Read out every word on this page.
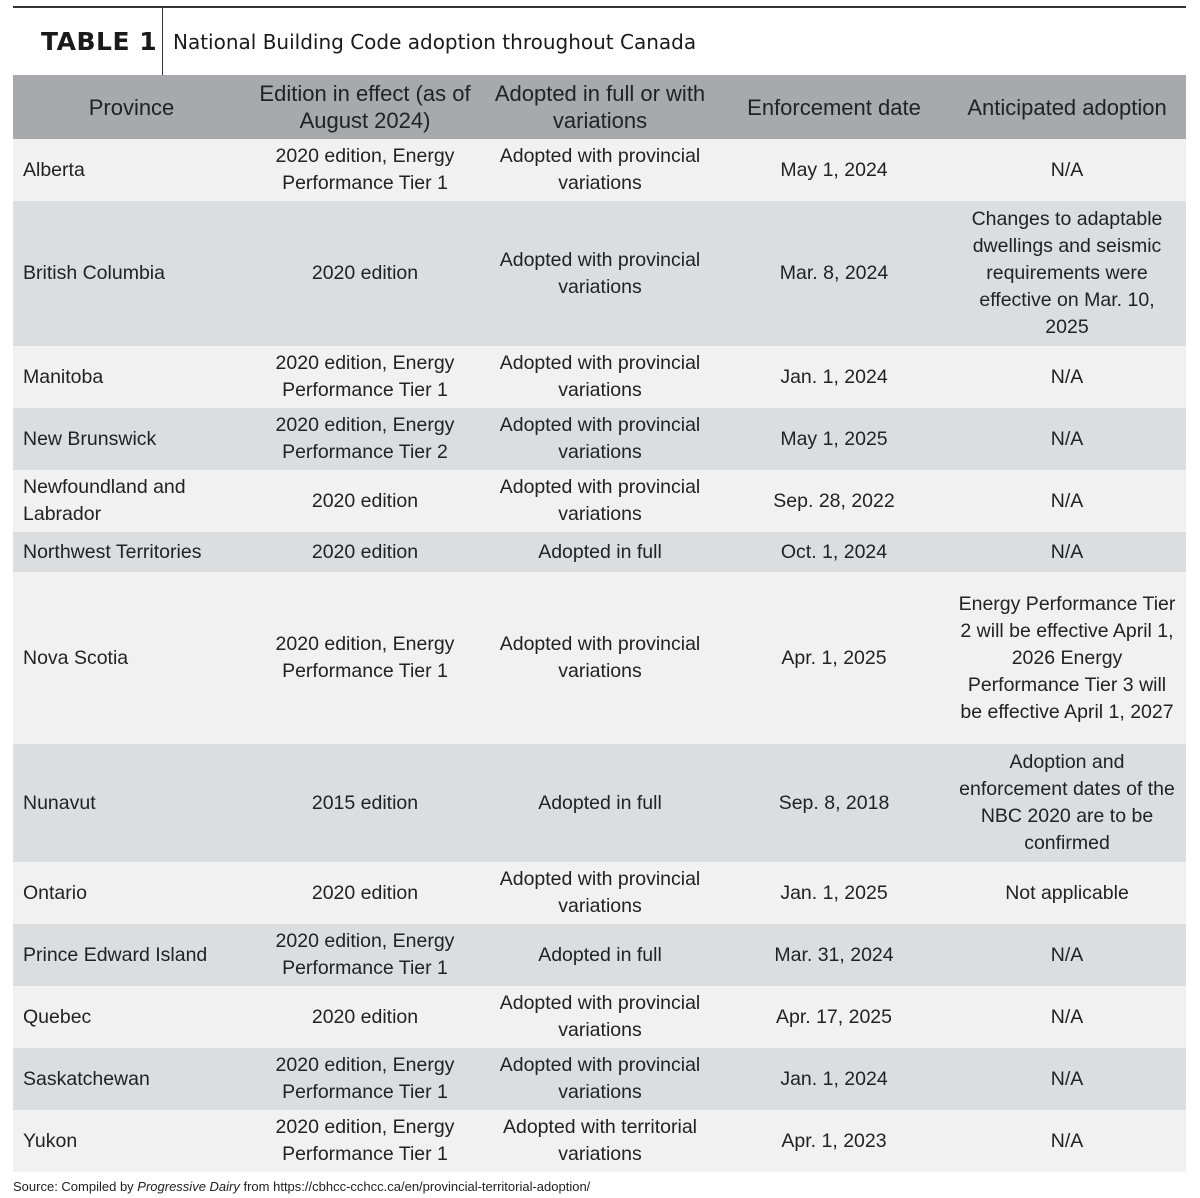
TABLE 1 National Building Code adoption throughout Canada
Province	Edition in effect (as of August 2024)	Adopted in full or with variations	Enforcement date	Anticipated adoption
Alberta	2020 edition, Energy Performance Tier 1	Adopted with provincial variations	May 1, 2024	N/A
British Columbia	2020 edition	Adopted with provincial variations	Mar. 8, 2024	Changes to adaptable dwellings and seismic requirements were effective on Mar. 10, 2025
Manitoba	2020 edition, Energy Performance Tier 1	Adopted with provincial variations	Jan. 1, 2024	N/A
New Brunswick	2020 edition, Energy Performance Tier 2	Adopted with provincial variations	May 1, 2025	N/A
Newfoundland and Labrador	2020 edition	Adopted with provincial variations	Sep. 28, 2022	N/A
Northwest Territories	2020 edition	Adopted in full	Oct. 1, 2024	N/A
Nova Scotia	2020 edition, Energy Performance Tier 1	Adopted with provincial variations	Apr. 1, 2025	Energy Performance Tier 2 will be effective April 1, 2026 Energy Performance Tier 3 will be effective April 1, 2027
Nunavut	2015 edition	Adopted in full	Sep. 8, 2018	Adoption and enforcement dates of the NBC 2020 are to be confirmed
Ontario	2020 edition	Adopted with provincial variations	Jan. 1, 2025	Not applicable
Prince Edward Island	2020 edition, Energy Performance Tier 1	Adopted in full	Mar. 31, 2024	N/A
Quebec	2020 edition	Adopted with provincial variations	Apr. 17, 2025	N/A
Saskatchewan	2020 edition, Energy Performance Tier 1	Adopted with provincial variations	Jan. 1, 2024	N/A
Yukon	2020 edition, Energy Performance Tier 1	Adopted with territorial variations	Apr. 1, 2023	N/A
Source: Compiled by Progressive Dairy from https://cbhcc-cchcc.ca/en/provincial-territorial-adoption/
